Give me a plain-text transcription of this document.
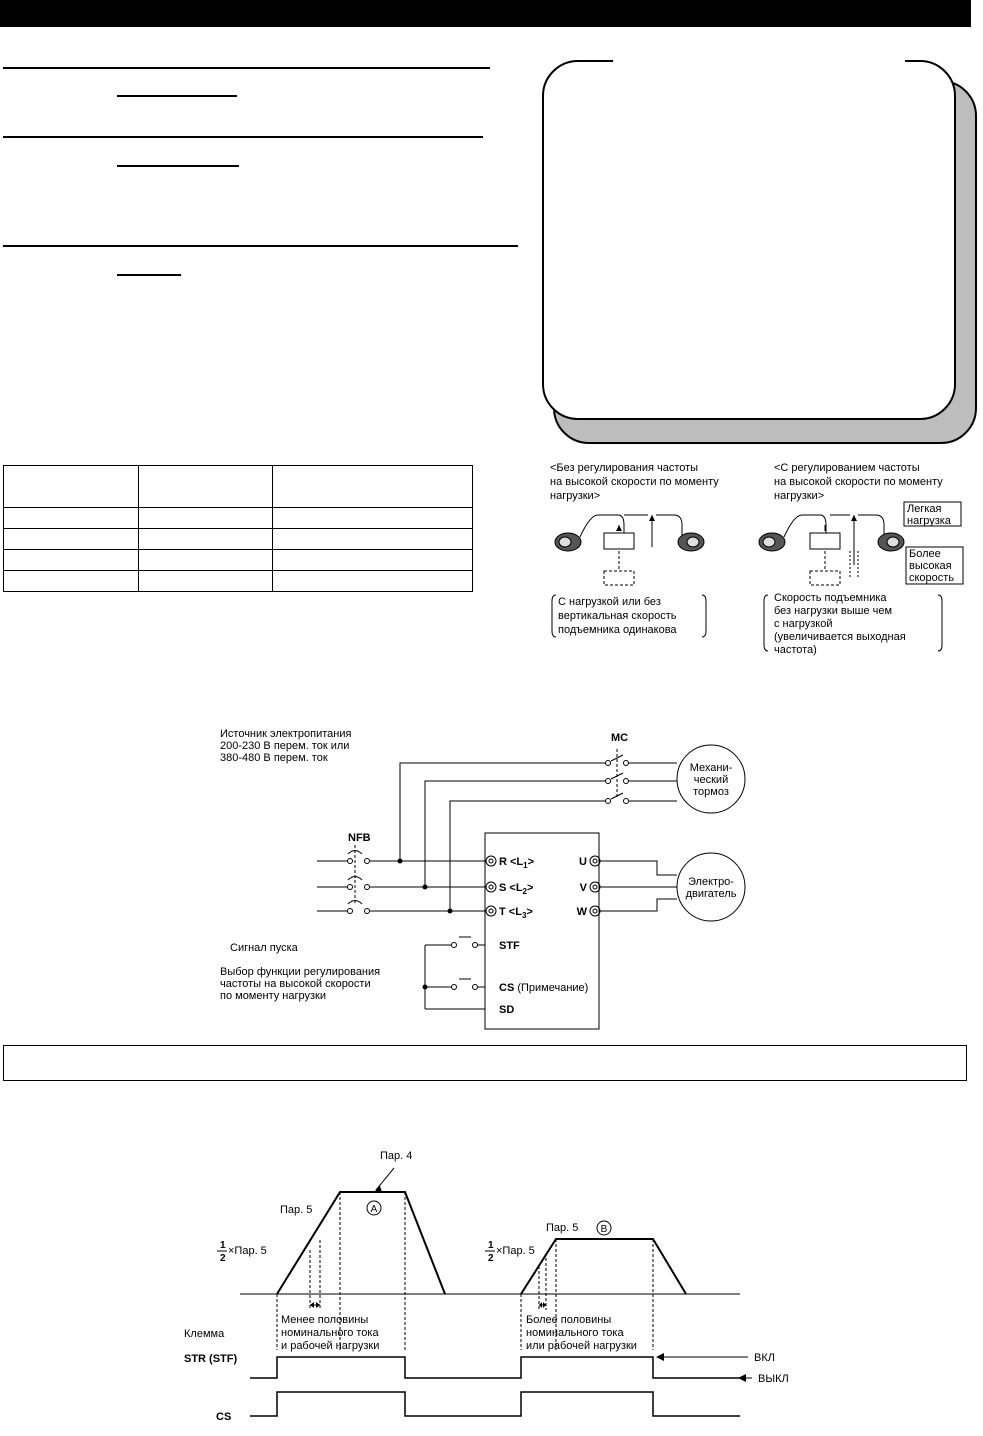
<Без регулирования частоты
на высокой скорости по моменту
нагрузки>
<С регулированием частоты
на высокой скорости по моменту
нагрузки>
С нагрузкой или без
вертикальная скорость
подъемника одинакова
Легкая
нагрузка
Более
высокая
скорость
Скорость подъемника
без нагрузки выше чем
с нагрузкой
(увеличивается выходная
частота)
Источник электропитания
200-230 В перем. ток или
380-480 В перем. ток
MC
NFB
Механи-
ческий
тормоз
Электро-
двигатель
$R <L_1>$
$S <L_2>$
$T <L_3>$
U
V
W
Сигнал пуска
Выбор функции регулирования
частоты на высокой скорости
по моменту нагрузки
STF
CS (Примечание)
SD
Пар. 4
Пар. 5
Пар. 5
A
B
1
2
×Пар. 5	1
2
×Пар. 5
Менее половины
номинального тока
и рабочей нагрузки
Более половины
номинального тока
или рабочей нагрузки
Клемма
STR (STF)
CS
ВКЛ
ВЫКЛ
